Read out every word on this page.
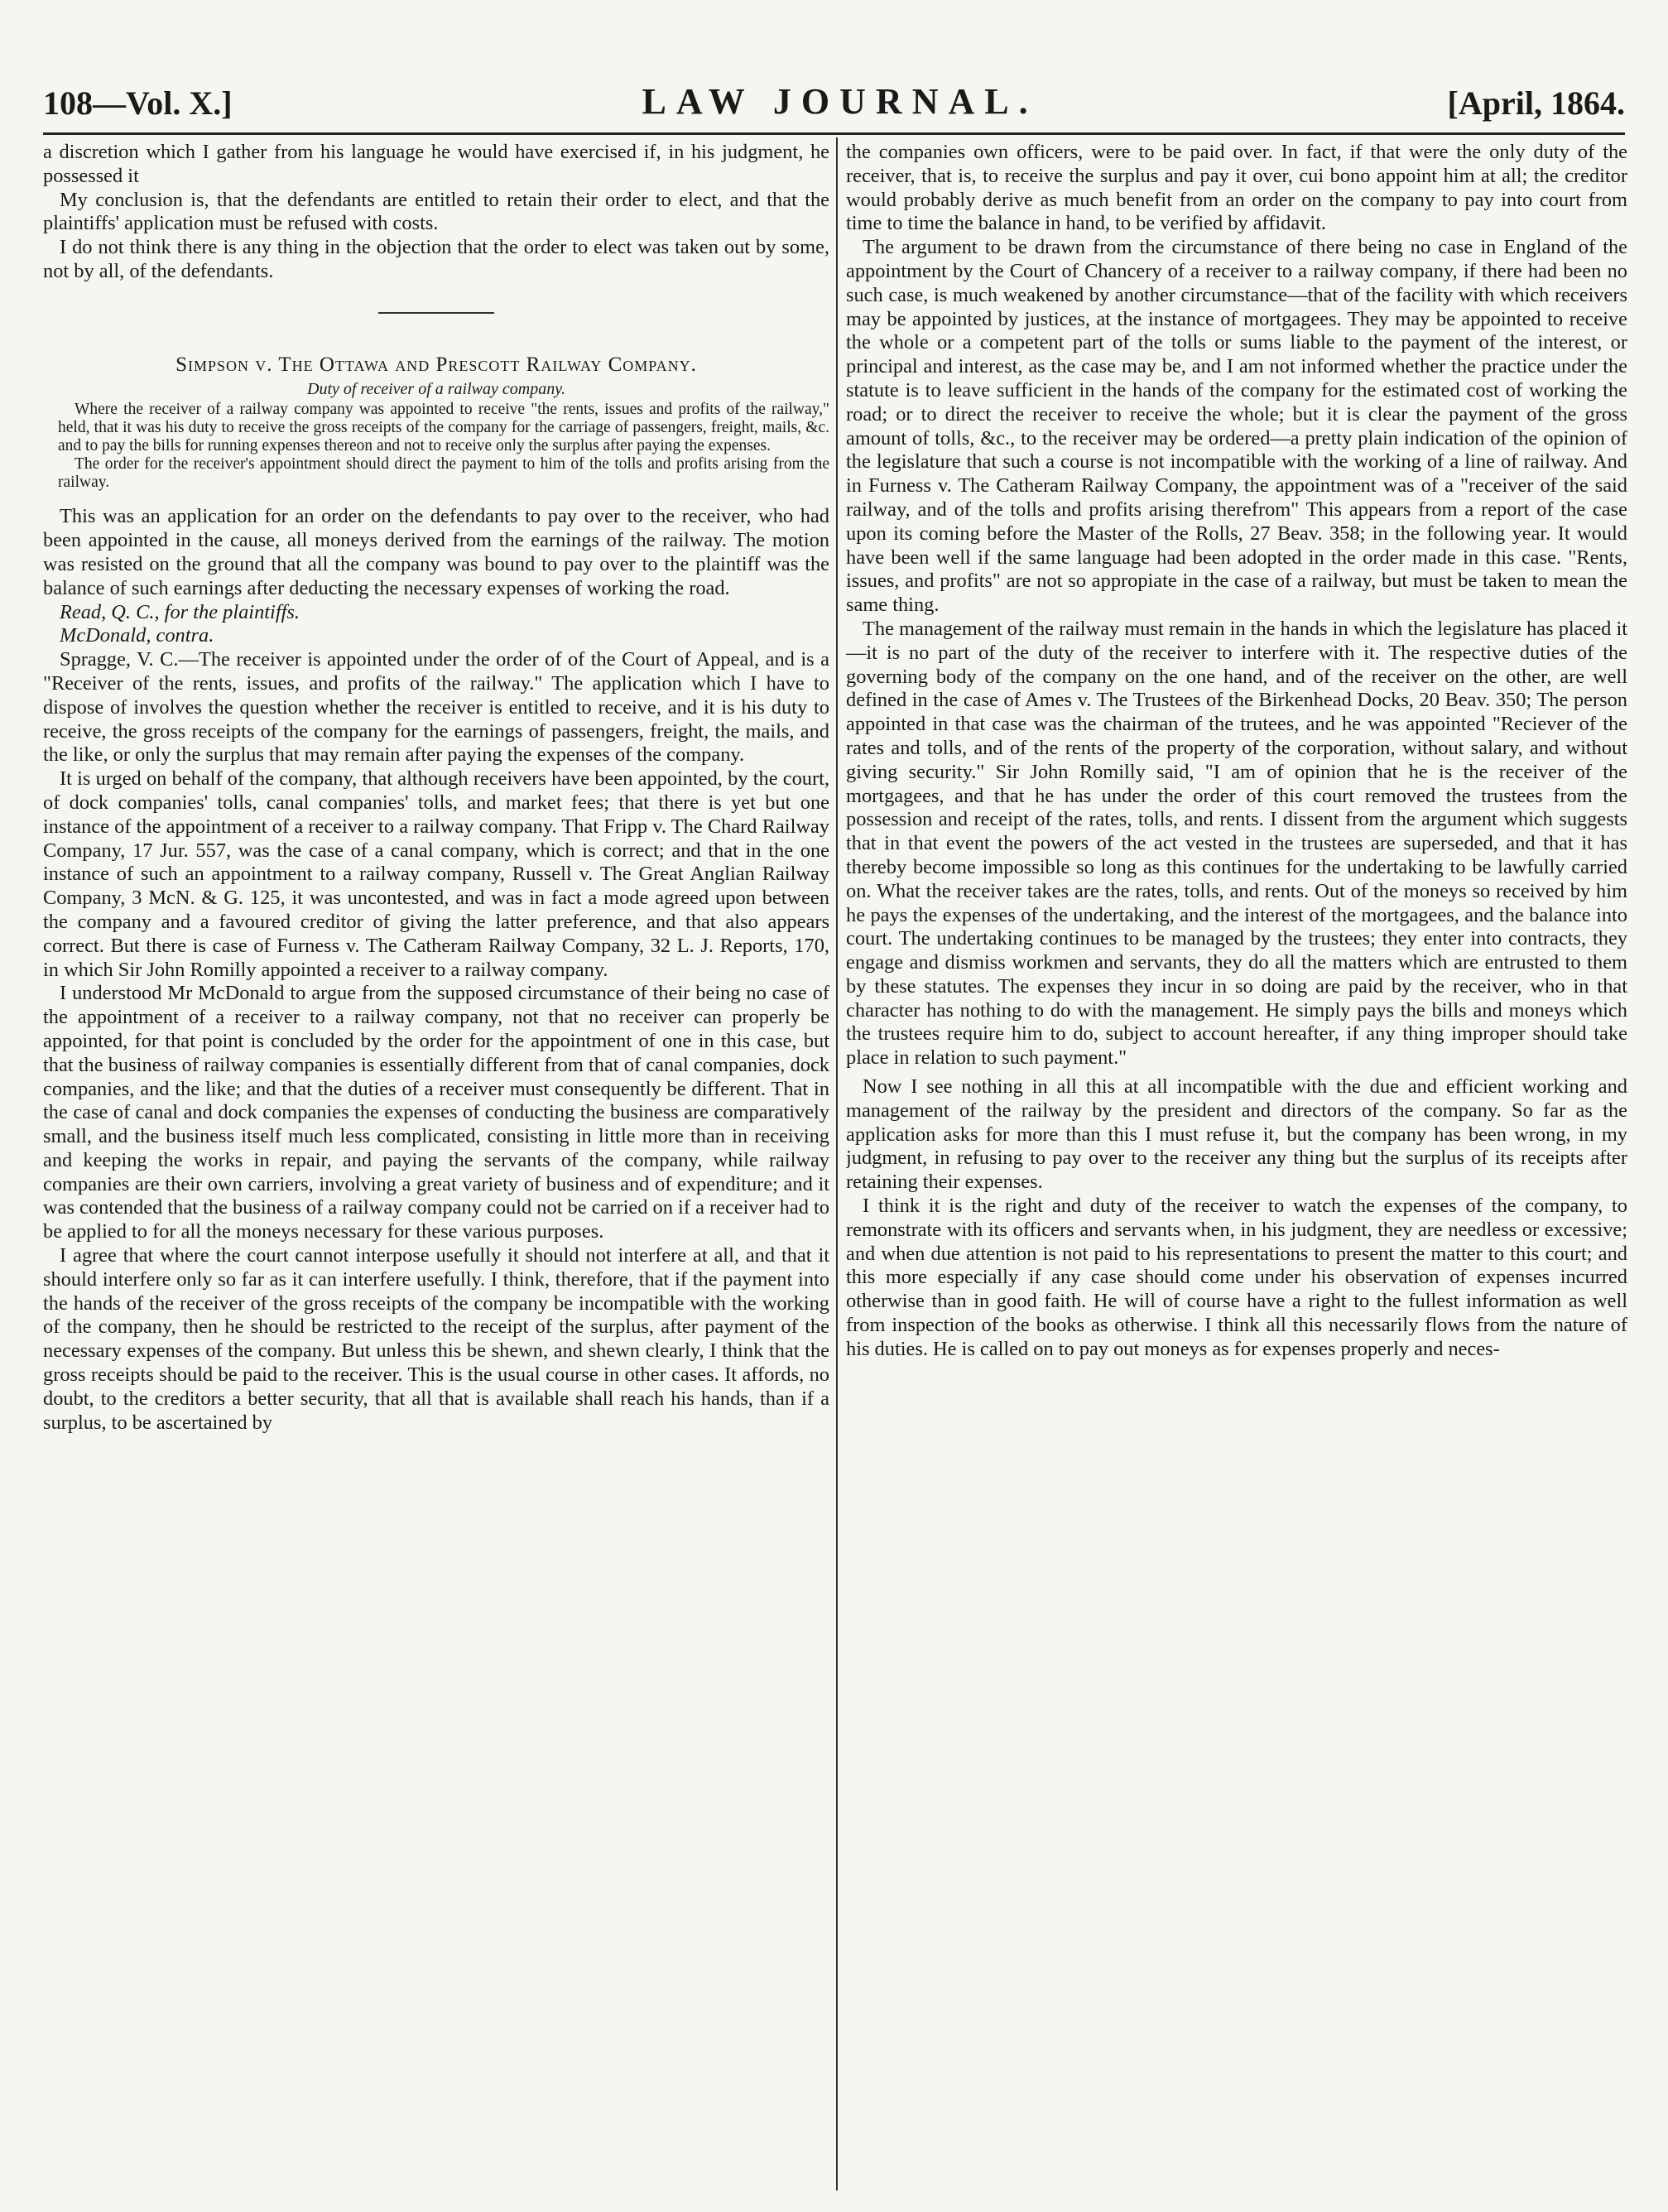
108—Vol. X.]	LAW JOURNAL.	[April, 1864.

a discretion which I gather from his language he would have exercised if, in his judgment, he possessed it

My conclusion is, that the defendants are entitled to retain their order to elect, and that the plaintiffs' application must be refused with costs.

I do not think there is any thing in the objection that the order to elect was taken out by some, not by all, of the defendants.

Simpson v. The Ottawa and Prescott Railway Company.

Duty of receiver of a railway company.

Where the receiver of a railway company was appointed to receive "the rents, issues and profits of the railway," held, that it was his duty to receive the gross receipts of the company for the carriage of passengers, freight, mails, &c. and to pay the bills for running expenses thereon and not to receive only the surplus after paying the expenses.

The order for the receiver's appointment should direct the payment to him of the tolls and profits arising from the railway.

This was an application for an order on the defendants to pay over to the receiver, who had been appointed in the cause, all moneys derived from the earnings of the railway. The motion was resisted on the ground that all the company was bound to pay over to the plaintiff was the balance of such earnings after deducting the necessary expenses of working the road.

Read, Q. C., for the plaintiffs.

McDonald, contra.

Spragge, V. C.—The receiver is appointed under the order of of the Court of Appeal, and is a "Receiver of the rents, issues, and profits of the railway." The application which I have to dispose of involves the question whether the receiver is entitled to receive, and it is his duty to receive, the gross receipts of the company for the earnings of passengers, freight, the mails, and the like, or only the surplus that may remain after paying the expenses of the company.

It is urged on behalf of the company, that although receivers have been appointed, by the court, of dock companies' tolls, canal companies' tolls, and market fees; that there is yet but one instance of the appointment of a receiver to a railway company. That Fripp v. The Chard Railway Company, 17 Jur. 557, was the case of a canal company, which is correct; and that in the one instance of such an appointment to a railway company, Russell v. The Great Anglian Railway Company, 3 McN. & G. 125, it was uncontested, and was in fact a mode agreed upon between the company and a favoured creditor of giving the latter preference, and that also appears correct. But there is case of Furness v. The Catheram Railway Company, 32 L. J. Reports, 170, in which Sir John Romilly appointed a receiver to a railway company.

I understood Mr McDonald to argue from the supposed circumstance of their being no case of the appointment of a receiver to a railway company, not that no receiver can properly be appointed, for that point is concluded by the order for the appointment of one in this case, but that the business of railway companies is essentially different from that of canal companies, dock companies, and the like; and that the duties of a receiver must consequently be different. That in the case of canal and dock companies the expenses of conducting the business are comparatively small, and the business itself much less complicated, consisting in little more than in receiving and keeping the works in repair, and paying the servants of the company, while railway companies are their own carriers, involving a great variety of business and of expenditure; and it was contended that the business of a railway company could not be carried on if a receiver had to be applied to for all the moneys necessary for these various purposes.

I agree that where the court cannot interpose usefully it should not interfere at all, and that it should interfere only so far as it can interfere usefully. I think, therefore, that if the payment into the hands of the receiver of the gross receipts of the company be incompatible with the working of the company, then he should be restricted to the receipt of the surplus, after payment of the necessary expenses of the company. But unless this be shewn, and shewn clearly, I think that the gross receipts should be paid to the receiver. This is the usual course in other cases. It affords, no doubt, to the creditors a better security, that all that is available shall reach his hands, than if a surplus, to be ascertained by

the companies own officers, were to be paid over. In fact, if that were the only duty of the receiver, that is, to receive the surplus and pay it over, cui bono appoint him at all; the creditor would probably derive as much benefit from an order on the company to pay into court from time to time the balance in hand, to be verified by affidavit.

The argument to be drawn from the circumstance of there being no case in England of the appointment by the Court of Chancery of a receiver to a railway company, if there had been no such case, is much weakened by another circumstance—that of the facility with which receivers may be appointed by justices, at the instance of mortgagees. They may be appointed to receive the whole or a competent part of the tolls or sums liable to the payment of the interest, or principal and interest, as the case may be, and I am not informed whether the practice under the statute is to leave sufficient in the hands of the company for the estimated cost of working the road; or to direct the receiver to receive the whole; but it is clear the payment of the gross amount of tolls, &c., to the receiver may be ordered—a pretty plain indication of the opinion of the legislature that such a course is not incompatible with the working of a line of railway. And in Furness v. The Catheram Railway Company, the appointment was of a "receiver of the said railway, and of the tolls and profits arising therefrom" This appears from a report of the case upon its coming before the Master of the Rolls, 27 Beav. 358; in the following year. It would have been well if the same language had been adopted in the order made in this case. "Rents, issues, and profits" are not so appropiate in the case of a railway, but must be taken to mean the same thing.

The management of the railway must remain in the hands in which the legislature has placed it—it is no part of the duty of the receiver to interfere with it. The respective duties of the governing body of the company on the one hand, and of the receiver on the other, are well defined in the case of Ames v. The Trustees of the Birkenhead Docks, 20 Beav. 350; The person appointed in that case was the chairman of the trutees, and he was appointed "Reciever of the rates and tolls, and of the rents of the property of the corporation, without salary, and without giving security." Sir John Romilly said, "I am of opinion that he is the receiver of the mortgagees, and that he has under the order of this court removed the trustees from the possession and receipt of the rates, tolls, and rents. I dissent from the argument which suggests that in that event the powers of the act vested in the trustees are superseded, and that it has thereby become impossible so long as this continues for the undertaking to be lawfully carried on. What the receiver takes are the rates, tolls, and rents. Out of the moneys so received by him he pays the expenses of the undertaking, and the interest of the mortgagees, and the balance into court. The undertaking continues to be managed by the trustees; they enter into contracts, they engage and dismiss workmen and servants, they do all the matters which are entrusted to them by these statutes. The expenses they incur in so doing are paid by the receiver, who in that character has nothing to do with the management. He simply pays the bills and moneys which the trustees require him to do, subject to account hereafter, if any thing improper should take place in relation to such payment."

Now I see nothing in all this at all incompatible with the due and efficient working and management of the railway by the president and directors of the company. So far as the application asks for more than this I must refuse it, but the company has been wrong, in my judgment, in refusing to pay over to the receiver any thing but the surplus of its receipts after retaining their expenses.

I think it is the right and duty of the receiver to watch the expenses of the company, to remonstrate with its officers and servants when, in his judgment, they are needless or excessive; and when due attention is not paid to his representations to present the matter to this court; and this more especially if any case should come under his observation of expenses incurred otherwise than in good faith. He will of course have a right to the fullest information as well from inspection of the books as otherwise. I think all this necessarily flows from the nature of his duties. He is called on to pay out moneys as for expenses properly and neces-
